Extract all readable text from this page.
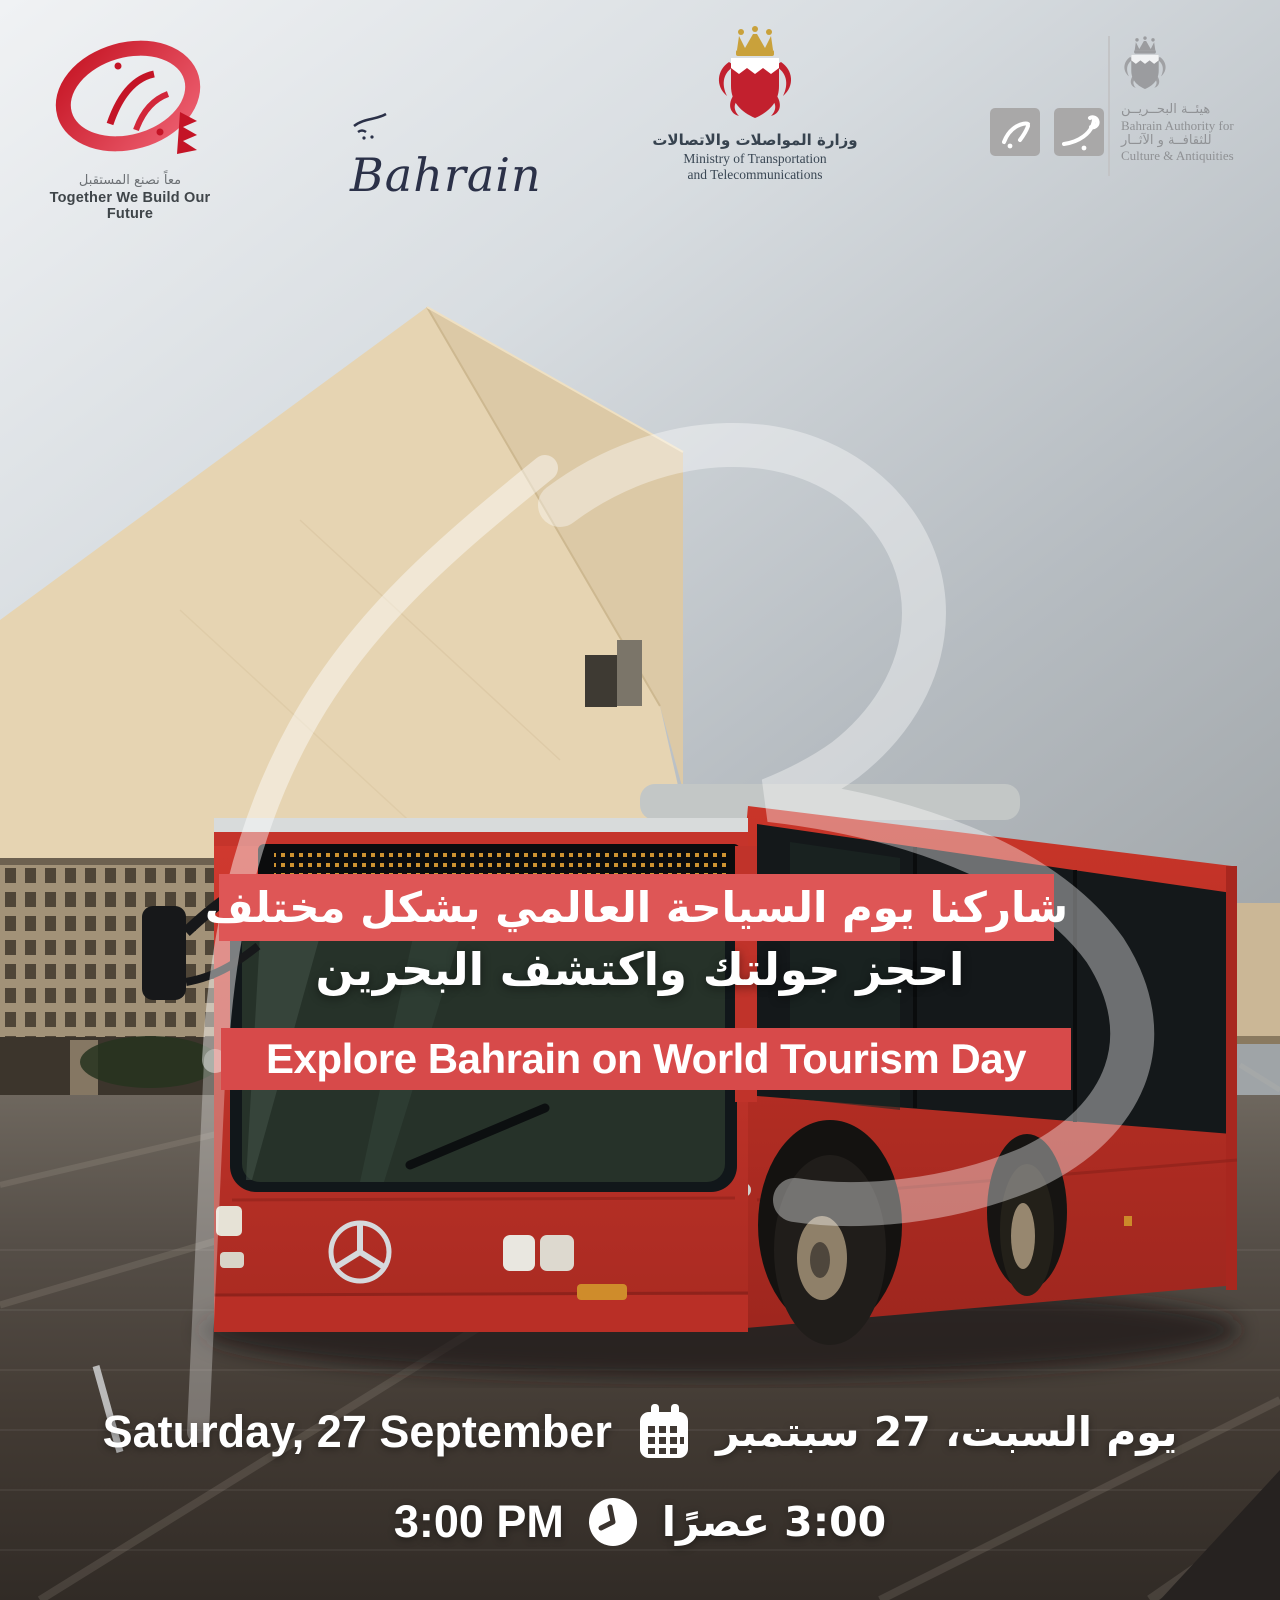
معاً نصنع المستقبل
Together We Build Our Future
Bahrain
وزارة المواصلات والاتصالات
Ministry of Transportation
and Telecommunications
هيئــة البحــريــن
Bahrain Authority for
للثقافــة و الآثــار
Culture & Antiquities
شاركنا يوم السياحة العالمي بشكل مختلف
احجز جولتك واكتشف البحرين
Explore Bahrain on World Tourism Day
Saturday, 27 September	يوم السبت، 27 سبتمبر
3:00 PM 3:00 عصرًا
